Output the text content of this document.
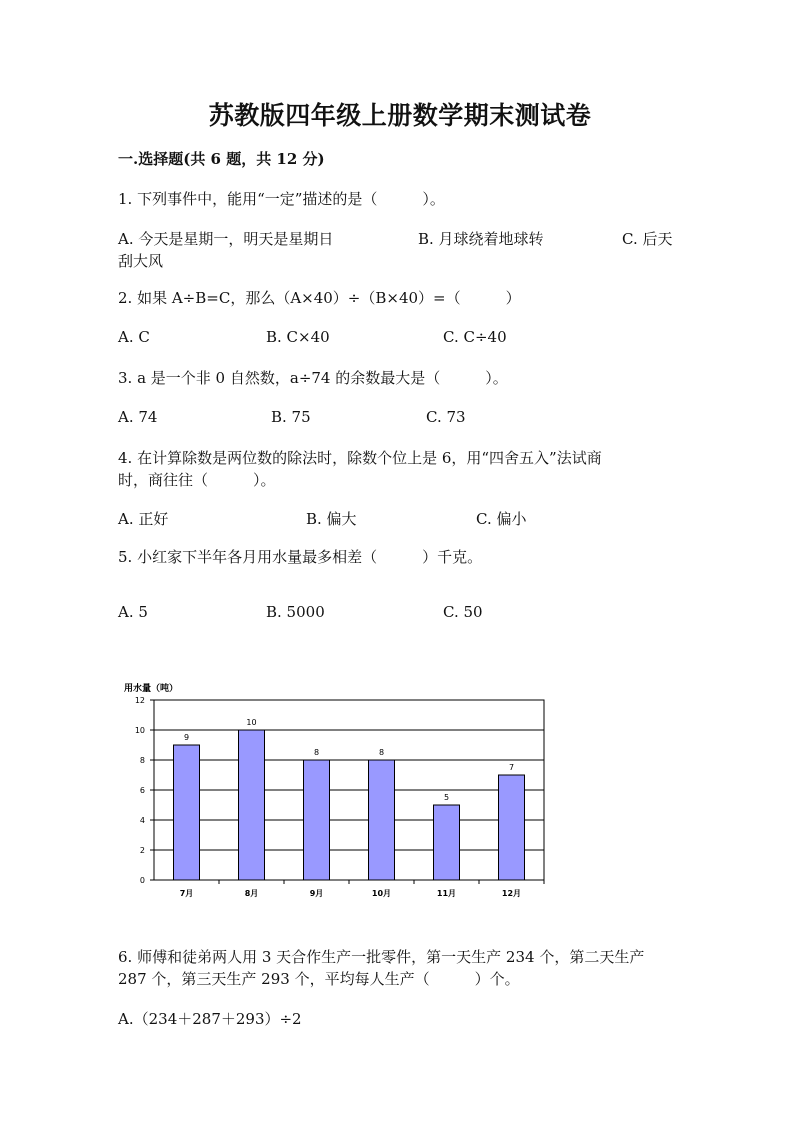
苏教版四年级上册数学期末测试卷
一.选择题(共 6 题，共 12 分)
1. 下列事件中，能用“一定”描述的是（　　　）。
A. 今天是星期一，明天是星期日	B. 月球绕着地球转	C. 后天
刮大风
2. 如果 A÷B=C，那么（A×40）÷（B×40）=（　　　）
A. C	B. C×40	C. C÷40
3. a 是一个非 0 自然数，a÷74 的余数最大是（　　　）。
A. 74	B. 75	C. 73
4. 在计算除数是两位数的除法时，除数个位上是 6，用“四舍五入”法试商
时，商往往（　　　）。
A. 正好	B. 偏大	C. 偏小
5. 小红家下半年各月用水量最多相差（　　　）千克。
A. 5	B. 5000	C. 50
用水量（吨）
0
2
4
6
8
10
12
9
7月
10
8月
8
9月
8
10月
5
11月
7
12月
6. 师傅和徒弟两人用 3 天合作生产一批零件，第一天生产 234 个，第二天生产
287 个，第三天生产 293 个，平均每人生产（　　　）个。
A.（234＋287＋293）÷2
